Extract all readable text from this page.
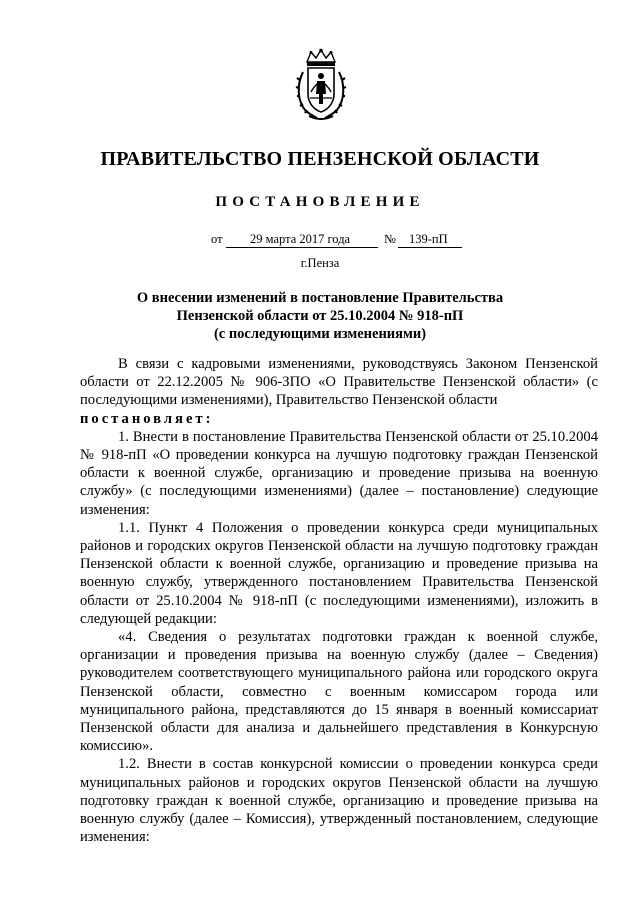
ПРАВИТЕЛЬСТВО ПЕНЗЕНСКОЙ ОБЛАСТИ
ПОСТАНОВЛЕНИЕ
от 29 марта 2017 года	№ 139-пП
г.Пенза
О внесении изменений в постановление Правительства
Пензенской области от 25.10.2004 № 918-пП
(с последующими изменениями)

В связи с кадровыми изменениями, руководствуясь Законом Пензенской области от 22.12.2005 № 906-ЗПО «О Правительстве Пензенской области» (с последующими изменениями), Правительство Пензенской области

постановляет:

1. Внести в постановление Правительства Пензенской области от 25.10.2004 № 918-пП «О проведении конкурса на лучшую подготовку граждан Пензенской области к военной службе, организацию и проведение призыва на военную службу» (с последующими изменениями) (далее – постановление) следующие изменения:

1.1. Пункт 4 Положения о проведении конкурса среди муниципальных районов и городских округов Пензенской области на лучшую подготовку граждан Пензенской области к военной службе, организацию и проведение призыва на военную службу, утвержденного постановлением Правительства Пензенской области от 25.10.2004 № 918-пП (с последующими изменениями), изложить в следующей редакции:

«4. Сведения о результатах подготовки граждан к военной службе, организации и проведения призыва на военную службу (далее – Сведения) руководителем соответствующего муниципального района или городского округа Пензенской области, совместно с военным комиссаром города или муниципального района, представляются до 15 января в военный комиссариат Пензенской области для анализа и дальнейшего представления в Конкурсную комиссию».

1.2. Внести в состав конкурсной комиссии о проведении конкурса среди муниципальных районов и городских округов Пензенской области на лучшую подготовку граждан к военной службе, организацию и проведение призыва на военную службу (далее – Комиссия), утвержденный постановлением, следующие изменения:
